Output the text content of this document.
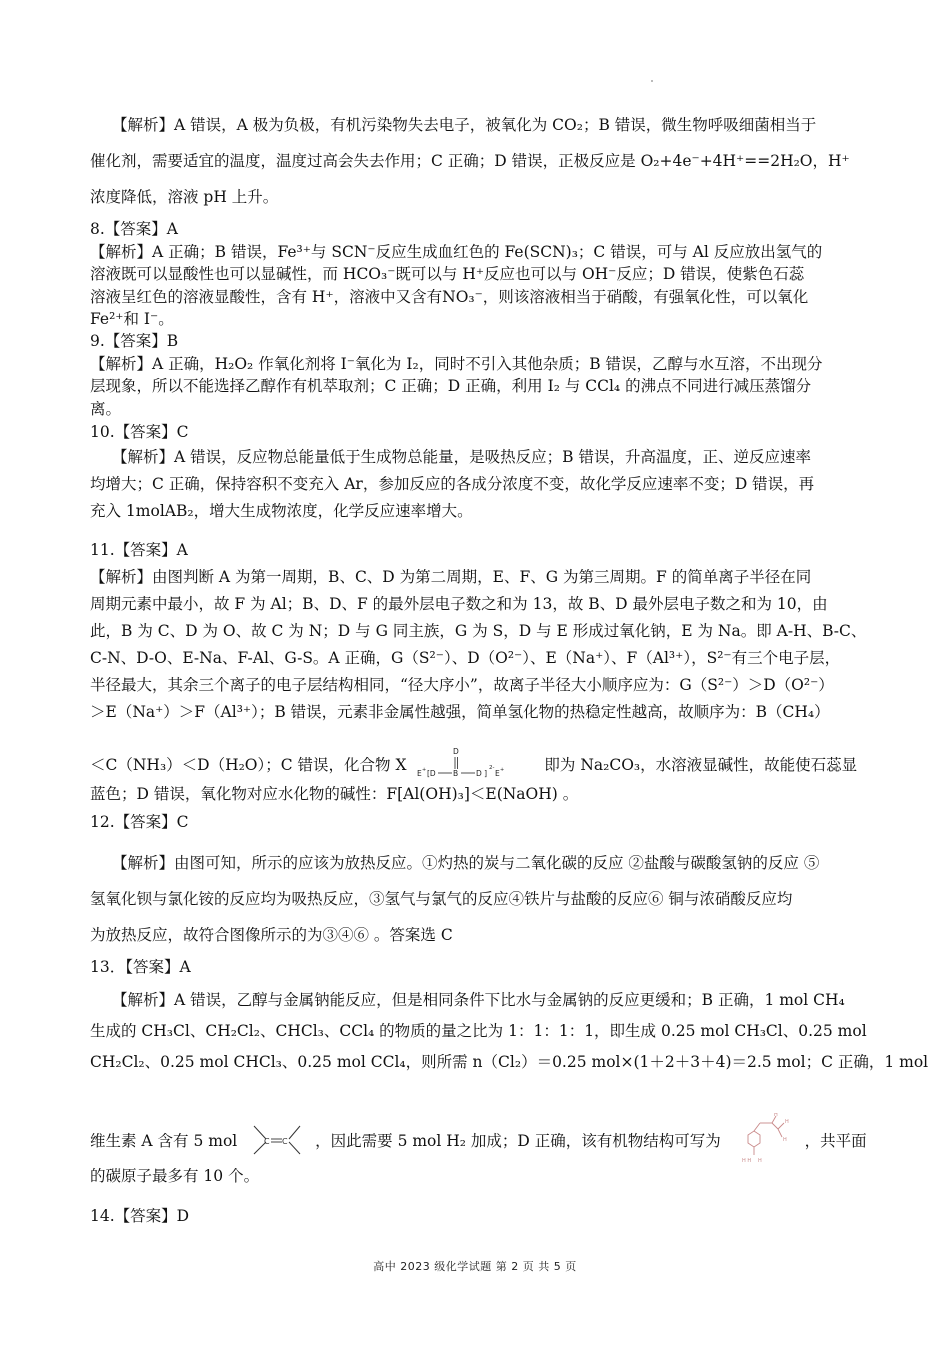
【解析】A 错误，A 极为负极，有机污染物失去电子，被氧化为 CO₂；B 错误，微生物呼吸细菌相当于
催化剂，需要适宜的温度，温度过高会失去作用；C 正确；D 错误，正极反应是 O₂+4e⁻+4H⁺==2H₂O，H⁺
浓度降低，溶液 pH 上升。
8.【答案】A
【解析】A 正确；B 错误，Fe³⁺与 SCN⁻反应生成血红色的 Fe(SCN)₃；C 错误，可与 Al 反应放出氢气的
溶液既可以显酸性也可以显碱性，而 HCO₃⁻既可以与 H⁺反应也可以与 OH⁻反应；D 错误，使紫色石蕊
溶液呈红色的溶液显酸性，含有 H⁺，溶液中又含有NO₃⁻，则该溶液相当于硝酸，有强氧化性，可以氧化
Fe²⁺和 I⁻。
9.【答案】B
【解析】A 正确，H₂O₂ 作氧化剂将 I⁻氧化为 I₂，同时不引入其他杂质；B 错误，乙醇与水互溶，不出现分
层现象，所以不能选择乙醇作有机萃取剂；C 正确；D 正确，利用 I₂ 与 CCl₄ 的沸点不同进行减压蒸馏分
离。
10.【答案】C
【解析】A 错误，反应物总能量低于生成物总能量，是吸热反应；B 错误，升高温度，正、逆反应速率
均增大；C 正确，保持容积不变充入 Ar，参加反应的各成分浓度不变，故化学反应速率不变；D 错误，再
充入 1molAB₂，增大生成物浓度，化学反应速率增大。
11.【答案】A
【解析】由图判断 A 为第一周期，B、C、D 为第二周期，E、F、G 为第三周期。F 的简单离子半径在同
周期元素中最小，故 F 为 Al；B、D、F 的最外层电子数之和为 13，故 B、D 最外层电子数之和为 10，由
此，B 为 C、D 为 O、故 C 为 N；D 与 G 同主族，G 为 S，D 与 E 形成过氧化钠，E 为 Na。即 A-H、B-C、
C-N、D-O、E-Na、F-Al、G-S。A 正确，G（S²⁻）、D（O²⁻）、E（Na⁺）、F（Al³⁺），S²⁻有三个电子层，
半径最大，其余三个离子的电子层结构相同，“径大序小”，故离子半径大小顺序应为：G（S²⁻）＞D（O²⁻）
＞E（Na⁺）＞F（Al³⁺）；B 错误，元素非金属性越强，简单氢化物的热稳定性越高，故顺序为：B（CH₄）
＜C（NH₃）＜D（H₂O）；C 错误，化合物 X E + [D B
D
D ]
2-
E +	即为 Na₂CO₃，水溶液显碱性，故能使石蕊显
蓝色；D 错误，氧化物对应水化物的碱性：F[Al(OH)₃]＜E(NaOH) 。
12.【答案】C
【解析】由图可知，所示的应该为放热反应。①灼热的炭与二氧化碳的反应 ②盐酸与碳酸氢钠的反应 ⑤
氢氧化钡与氯化铵的反应均为吸热反应，③氢气与氯气的反应④铁片与盐酸的反应⑥ 铜与浓硝酸反应均
为放热反应，故符合图像所示的为③④⑥ 。答案选 C
13．【答案】A
【解析】A 错误，乙醇与金属钠能反应，但是相同条件下比水与金属钠的反应更缓和；B 正确，1 mol CH₄
生成的 CH₃Cl、CH₂Cl₂、CHCl₃、CCl₄ 的物质的量之比为 1：1：1：1，即生成 0.25 mol CH₃Cl、0.25 mol
CH₂Cl₂、0.25 mol CHCl₃、0.25 mol CCl₄，则所需 n（Cl₂）＝0.25 mol×(1＋2＋3＋4)＝2.5 mol；C 正确，1 mol
维生素 A 含有 5 mol	C C ，因此需要 5 mol H₂ 加成；D 正确，该有机物结构可写为
H
H
H
H H H
，共平面
的碳原子最多有 10 个。
14.【答案】D
高中 2023 级化学试题 第 2 页 共 5 页
